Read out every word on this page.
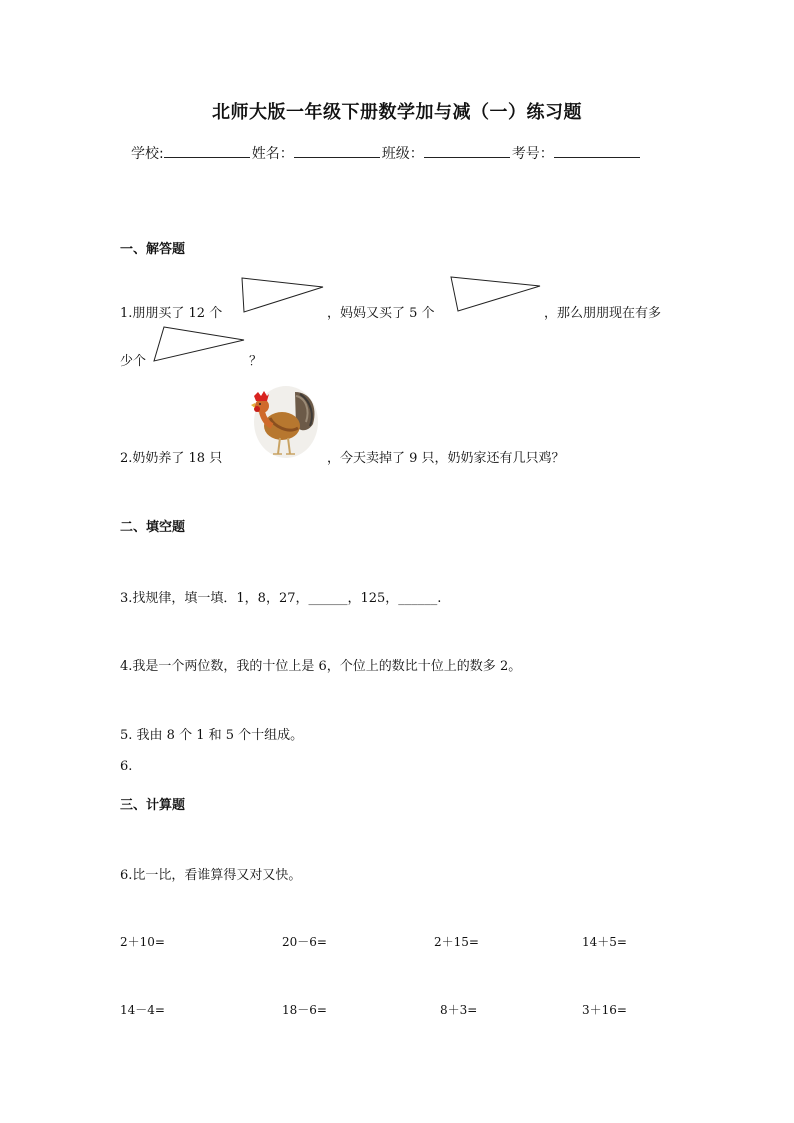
北师大版一年级下册数学加与减（一）练习题
学校:	姓名：	班级：	考号：
一、解答题
1.朋朋买了 12 个	，妈妈又买了 5 个	，那么朋朋现在有多
少个	？
2.奶奶养了 18 只	，今天卖掉了 9 只，奶奶家还有几只鸡？
二、填空题
3.找规律，填一填．1，8，27，______，125，______.
4.我是一个两位数，我的十位上是 6，个位上的数比十位上的数多 2。
5. 我由 8 个 1 和 5 个十组成。
6.
三、计算题
6.比一比，看谁算得又对又快。
2＋10=	20－6=	2＋15=	14＋5=
14－4=	18－6=	8＋3=	3＋16=
